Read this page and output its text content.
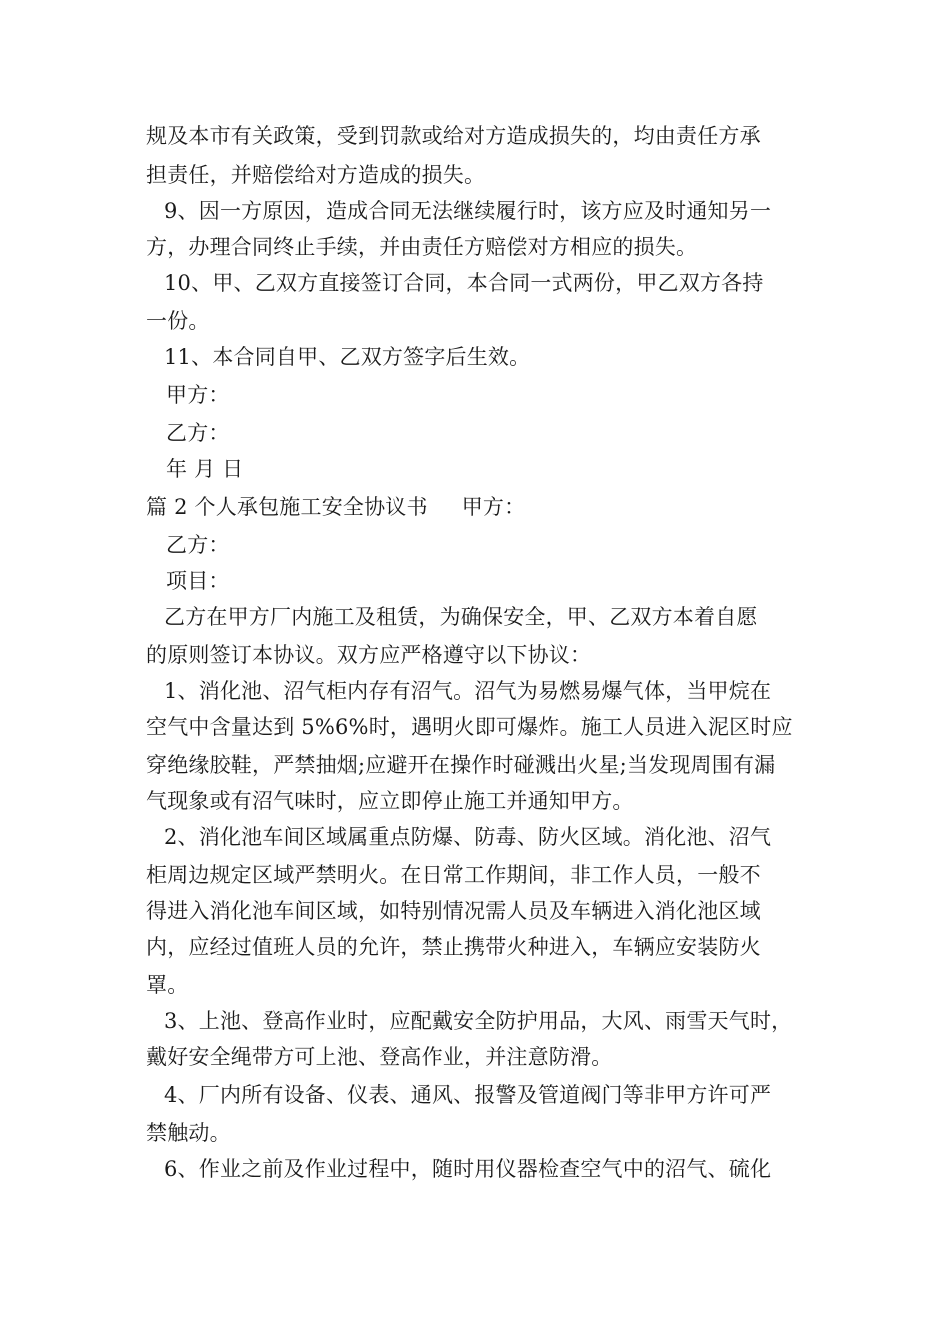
规及本市有关政策，受到罚款或给对方造成损失的，均由责任方承
担责任，并赔偿给对方造成的损失。
9、因一方原因，造成合同无法继续履行时，该方应及时通知另一
方，办理合同终止手续，并由责任方赔偿对方相应的损失。
10、甲、乙双方直接签订合同，本合同一式两份，甲乙双方各持
一份。
11、本合同自甲、乙双方签字后生效。
甲方：
乙方：
年 月 日
篇 2 个人承包施工安全协议书 甲方：
乙方：
项目：
乙方在甲方厂内施工及租赁，为确保安全，甲、乙双方本着自愿
的原则签订本协议。双方应严格遵守以下协议：
1、消化池、沼气柜内存有沼气。沼气为易燃易爆气体，当甲烷在
空气中含量达到 5%6%时，遇明火即可爆炸。施工人员进入泥区时应
穿绝缘胶鞋，严禁抽烟;应避开在操作时碰溅出火星;当发现周围有漏
气现象或有沼气味时，应立即停止施工并通知甲方。
2、消化池车间区域属重点防爆、防毒、防火区域。消化池、沼气
柜周边规定区域严禁明火。在日常工作期间，非工作人员，一般不
得进入消化池车间区域，如特别情况需人员及车辆进入消化池区域
内，应经过值班人员的允许，禁止携带火种进入，车辆应安装防火
罩。
3、上池、登高作业时，应配戴安全防护用品，大风、雨雪天气时，
戴好安全绳带方可上池、登高作业，并注意防滑。
4、厂内所有设备、仪表、通风、报警及管道阀门等非甲方许可严
禁触动。
6、作业之前及作业过程中，随时用仪器检查空气中的沼气、硫化
